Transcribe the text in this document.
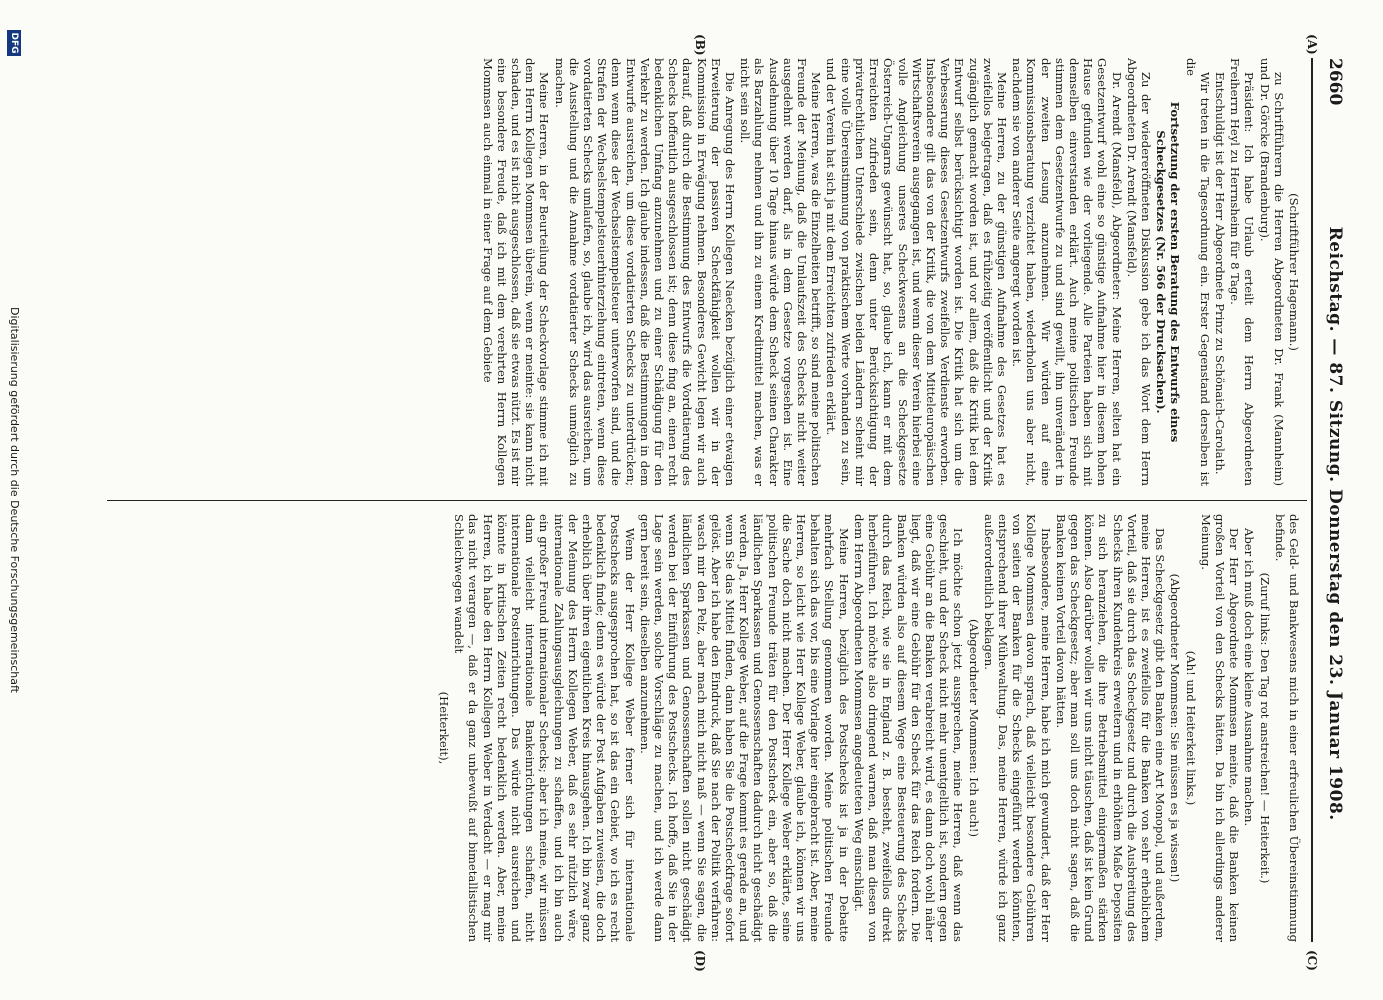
2660
Reichstag. — 87. Sitzung. Donnerstag den 23. Januar 1908.
(A)
(B)
(C)
(D)

(Schriftführer Hagemann.)

zu Schriftführern die Herren Abgeordneten Dr. Frank (Mannheim) und Dr. Görcke (Brandenburg).

Präsident: Ich habe Urlaub erteilt dem Herrn Abgeordneten Freiherrn Heyl zu Herrnsheim für 8 Tage.

Entschuldigt ist der Herr Abgeordnete Prinz zu Schönaich-Carolath.

Wir treten in die Tagesordnung ein. Erster Gegenstand derselben ist die

Fortsetzung der ersten Beratung des Entwurfs eines Scheckgesetzes (Nr. 566 der Drucksachen).

Zu der wiedereröffneten Diskussion gebe ich das Wort dem Herrn Abgeordneten Dr. Arendt (Mansfeld).

Dr. Arendt (Mansfeld), Abgeordneter: Meine Herren, selten hat ein Gesetzentwurf wohl eine so günstige Aufnahme hier in diesem hohen Hause gefunden wie der vorliegende. Alle Parteien haben sich mit demselben einverstanden erklärt. Auch meine politischen Freunde stimmen dem Gesetzentwurfe zu und sind gewillt, ihn unverändert in der zweiten Lesung anzunehmen. Wir würden auf eine Kommissionsberatung verzichtet haben, wiederholen uns aber nicht, nachdem sie von anderer Seite angeregt worden ist.

Meine Herren, zu der günstigen Aufnahme des Gesetzes hat es zweifellos beigetragen, daß es frühzeitig veröffentlicht und der Kritik zugänglich gemacht worden ist, und vor allem, daß die Kritik bei dem Entwurf selbst berücksichtigt worden ist. Die Kritik hat sich um die Verbesserung dieses Gesetzentwurfs zweifellos Verdienste erworben. Insbesondere gilt das von der Kritik, die von dem Mitteleuropäischen Wirtschaftsverein ausgegangen ist, und wenn dieser Verein hierbei eine volle Angleichung unseres Scheckwesens an die Scheckgesetze Österreich-Ungarns gewünscht hat, so, glaube ich, kann er mit dem Erreichten zufrieden sein, denn unter Berücksichtigung der privatrechtlichen Unterschiede zwischen beiden Ländern scheint mir eine volle Übereinstimmung von praktischem Werte vorhanden zu sein, und der Verein hat sich ja mit dem Erreichten zufrieden erklärt.

Meine Herren, was die Einzelheiten betrifft, so sind meine politischen Freunde der Meinung, daß die Umlaufszeit des Schecks nicht weiter ausgedehnt werden darf, als in dem Gesetze vorgesehen ist. Eine Ausdehnung über 10 Tage hinaus würde dem Scheck seinen Charakter als Barzahlung nehmen und ihn zu einem Kreditmittel machen, was er nicht sein soll.

Die Anregung des Herrn Kollegen Naecken bezüglich einer etwaigen Erweiterung der passiven Scheckfähigkeit wollen wir in der Kommission in Erwägung nehmen. Besonderes Gewicht legen wir auch darauf, daß durch die Bestimmung des Entwurfs die Vordatierung des Schecks hoffentlich ausgeschlossen ist; denn diese fing an, einen recht bedenklichen Umfang anzunehmen und zu einer Schädigung für den Verkehr zu werden. Ich glaube indessen, daß die Bestimmungen in dem Entwurfe ausreichen, um diese vordatierten Schecks zu unterdrücken; denn wenn diese der Wechselstempelsteuer unterworfen sind, und die Strafen der Wechselstempelsteuerhinterziehung eintreten, wenn diese vordatierten Schecks umlaufen, so, glaube ich, wird das ausreichen, um die Ausstellung und die Annahme vordatierter Schecks unmöglich zu machen.

Meine Herren, in der Beurteilung der Scheckvorlage stimme ich mit dem Herrn Kollegen Mommsen überein, wenn er meinte: sie kann nicht schaden, und es ist nicht ausgeschlossen, daß sie etwas nützt. Es ist mir eine besondere Freude, daß ich mit dem verehrten Herrn Kollegen Mommsen auch einmal in einer Frage auf dem Gebiete

des Geld- und Bankwesens mich in einer erfreulichen Übereinstimmung befinde.

(Zuruf links: Den Tag rot anstreichen! — Heiterkeit.)

Aber ich muß doch eine kleine Ausnahme machen.

Der Herr Abgeordnete Mommsen meinte, daß die Banken keinen großen Vorteil von den Schecks hätten. Da bin ich allerdings anderer Meinung.

(Ah! und Heiterkeit links.)

(Abgeordneter Mommsen: Sie müssen es ja wissen!)

Das Scheckgesetz gibt den Banken eine Art Monopol, und außerdem, meine Herren, ist es zweifellos für die Banken von sehr erheblichem Vorteil, daß sie durch das Scheckgesetz und durch die Ausbreitung des Schecks ihren Kundenkreis erweitern und in erhöhtem Maße Depositen zu sich heranziehen, die ihre Betriebsmittel einigermaßen stärken können. Also darüber wollen wir uns nicht täuschen, daß ist kein Grund gegen das Scheckgesetz; aber man soll uns doch nicht sagen, daß die Banken keinen Vorteil davon hätten.

Insbesondere, meine Herren, habe ich mich gewundert, daß der Herr Kollege Mommsen davon sprach, daß vielleicht besondere Gebühren von seiten der Banken für die Schecks eingeführt werden könnten, entsprechend ihrer Mühewaltung. Das, meine Herren, würde ich ganz außerordentlich beklagen.

(Abgeordneter Mommsen: Ich auch!)

Ich möchte schon jetzt aussprechen, meine Herren, daß wenn das geschieht, und der Scheck nicht mehr unentgeltlich ist, sondern gegen eine Gebühr an die Banken verabreicht wird, es dann doch wohl näher liegt, daß wir eine Gebühr für den Scheck für das Reich fordern. Die Banken würden also auf diesem Wege eine Besteuerung des Schecks durch das Reich, wie sie in England z. B. besteht, zweifellos direkt herbeiführen. Ich möchte also dringend warnen, daß man diesen von dem Herrn Abgeordneten Mommsen angedeuteten Weg einschlägt.

Meine Herren, bezüglich des Postschecks ist ja in der Debatte mehrfach Stellung genommen worden. Meine politischen Freunde behalten sich das vor, bis eine Vorlage hier eingebracht ist. Aber, meine Herren, so leicht wie Herr Kollege Weber, glaube ich, können wir uns die Sache doch nicht machen. Der Herr Kollege Weber erklärte, seine politischen Freunde träten für den Postscheck ein, aber so, daß die ländlichen Sparkassen und Genossenschaften dadurch nicht geschädigt werden. Ja, Herr Kollege Weber, auf die Frage kommt es gerade an, und wenn Sie das Mittel finden, dann haben Sie die Postscheckfrage sofort gelöst. Aber ich habe den Eindruck, daß Sie nach der Politik verfahren: wasch mir den Pelz, aber mach mich nicht naß — wenn Sie sagen, die ländlichen Sparkassen und Genossenschaften sollen nicht geschädigt werden bei der Einführung des Postschecks. Ich hoffe, daß Sie in der Lage sein werden, solche Vorschläge zu machen, und ich werde dann gern bereit sein, dieselben anzunehmen.

Wenn der Herr Kollege Weber ferner sich für internationale Postschecks ausgesprochen hat, so ist das ein Gebiet, wo ich es recht bedenklich finde; denn es würde der Post Aufgaben zuweisen, die doch erheblich über ihren eigentlichen Kreis hinausgehen. Ich bin zwar ganz der Meinung des Herrn Kollegen Weber, daß es sehr nützlich wäre, internationale Zahlungsausgleichungen zu schaffen, und ich bin auch ein großer Freund internationaler Schecks; aber ich meine, wir müssen dann vielleicht internationale Bankeinrichtungen schaffen, nicht internationale Posteinrichtungen. Das würde nicht ausreichen und könnte in kritischen Zeiten recht bedenklich werden. Aber, meine Herren, ich habe den Herrn Kollegen Weber in Verdacht — er mag mir das nicht verargen —, daß er da ganz unbewußt auf bimetallistischen Schleichwegen wandelt

(Heiterkeit),

DFG
Digitalisierung gefördert durch die Deutsche Forschungsgemeinschaft
